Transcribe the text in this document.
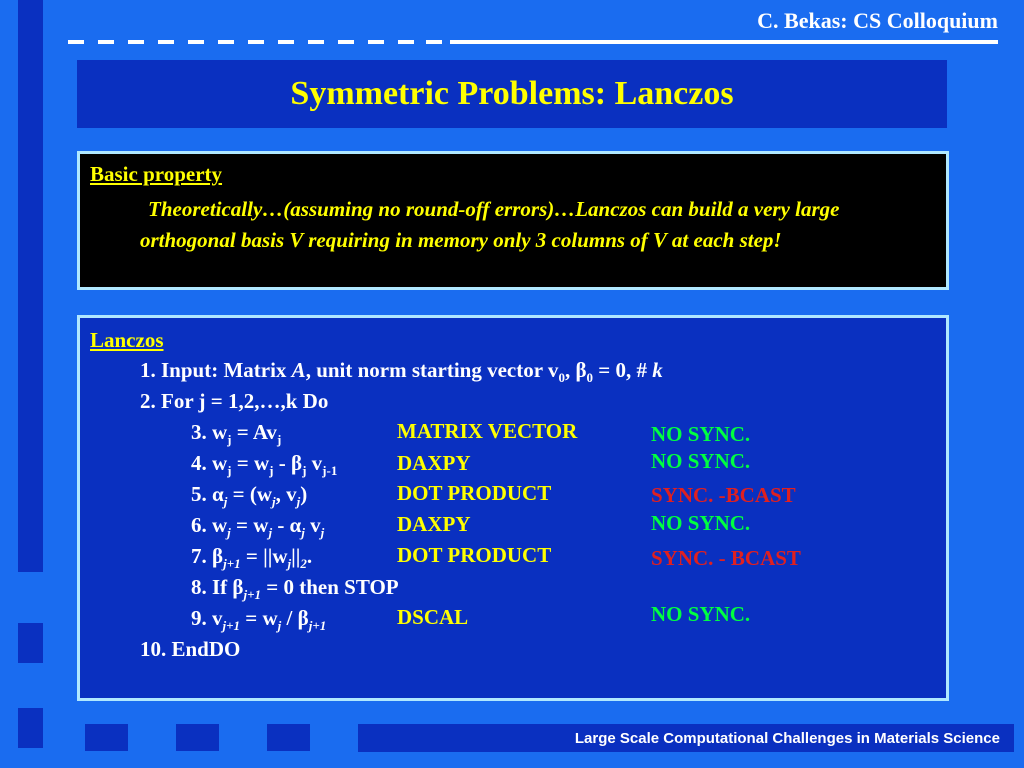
C. Bekas: CS Colloquium
Symmetric Problems: Lanczos
Basic property
Theoretically…(assuming no round-off errors)…Lanczos can build a very large orthogonal basis V requiring in memory only 3 columns of V at each step!
Lanczos
1. Input: Matrix A, unit norm starting vector $v_0$, $\beta_0 = 0$, # k
2. For j = 1,2,…,k Do
3. $w_j = Av_j$
4. $w_j = w_j - \beta_j$ $v_{j-1}$
5. $\alpha_j = (w_j$, $v_j$)
6. $w_j = w_j - \alpha_j$ $v_j$
7. $\beta_{j+1} = ||w_j||_2$.
8. If $\beta_{j+1} = 0$ then STOP
9. $v_{j+1} = w_j / \beta_{j+1}$
10. EndDO
MATRIX VECTOR
DAXPY
DOT PRODUCT
DAXPY
DOT PRODUCT
DSCAL
NO SYNC.
NO SYNC.
SYNC. -BCAST
NO SYNC.
SYNC. - BCAST
NO SYNC.
Large Scale Computational Challenges in Materials Science
